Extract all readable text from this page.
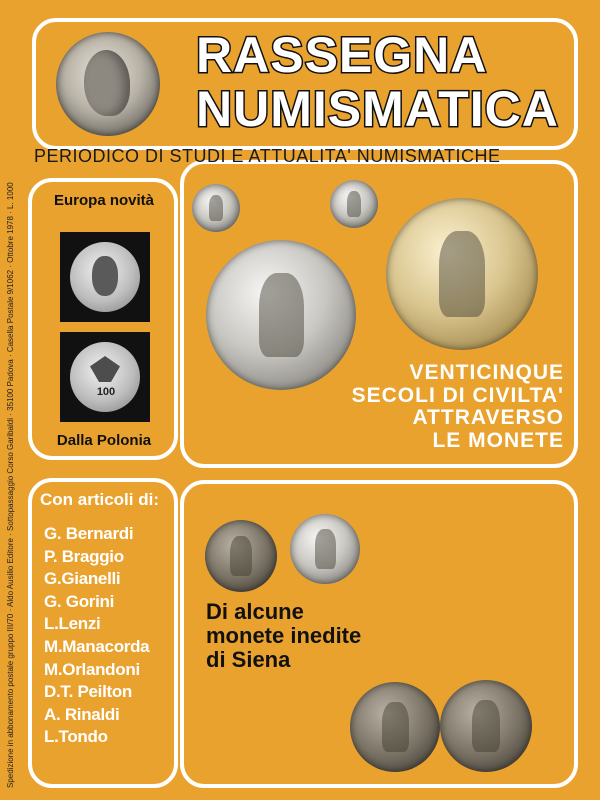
RASSEGNA
NUMISMATICA
PERIODICO DI STUDI E ATTUALITA' NUMISMATICHE
Europa novità
100
Dalla Polonia
VENTICINQUE
SECOLI DI CIVILTA'
ATTRAVERSO
LE MONETE
Con articoli di:
G. Bernardi
P. Braggio
G.Gianelli
G. Gorini
L.Lenzi
M.Manacorda
M.Orlandoni
D.T. Peilton
A. Rinaldi
L.Tondo
Di alcune
monete inedite
di Siena
Spedizione in abbonamento postale gruppo III/70 · Aldo Ausilio Editore · Sottopassaggio Corso Garibaldi · 35100 Padova · Casella Postale 9/1062 · Ottobre 1978 · L. 1000
